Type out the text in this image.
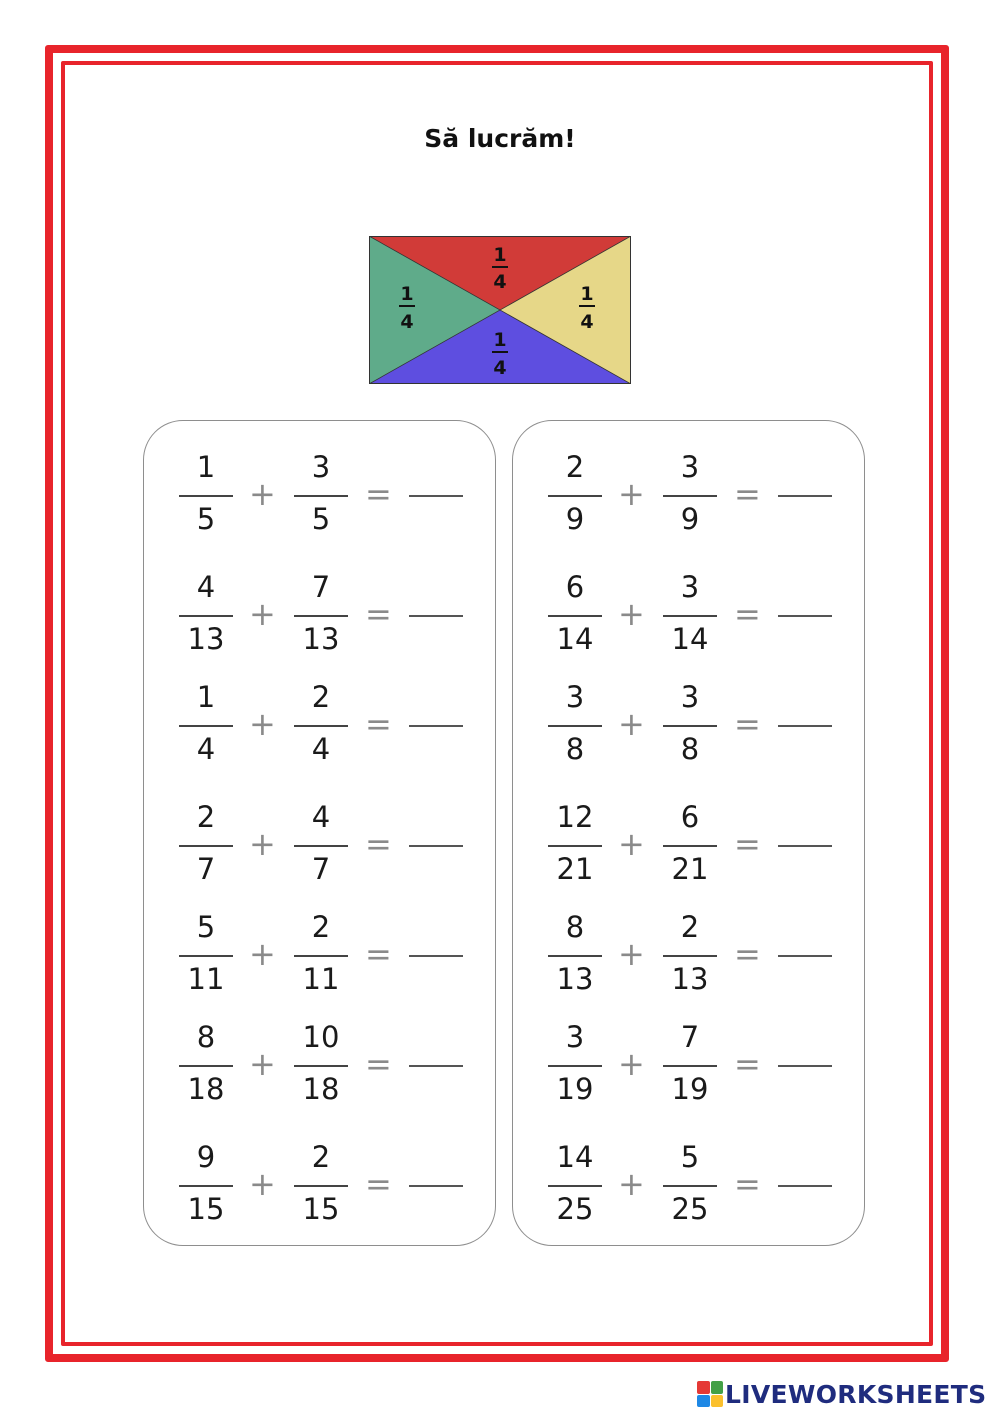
Să lucrăm!
1
4
1
4
1
4
1
4
1
5
+
3
5
=
4
13
+
7
13
=
1
4
+
2
4
=
2
7
+
4
7
=
5
11
+
2
11
=
8
18
+
10
18
=
9
15
+
2
15
=
2
9
+
3
9
=
6
14
+
3
14
=
3
8
+
3
8
=
12
21
+
6
21
=
8
13
+
2
13
=
3
19
+
7
19
=
14
25
+
5
25
=
LIVEWORKSHEETS
